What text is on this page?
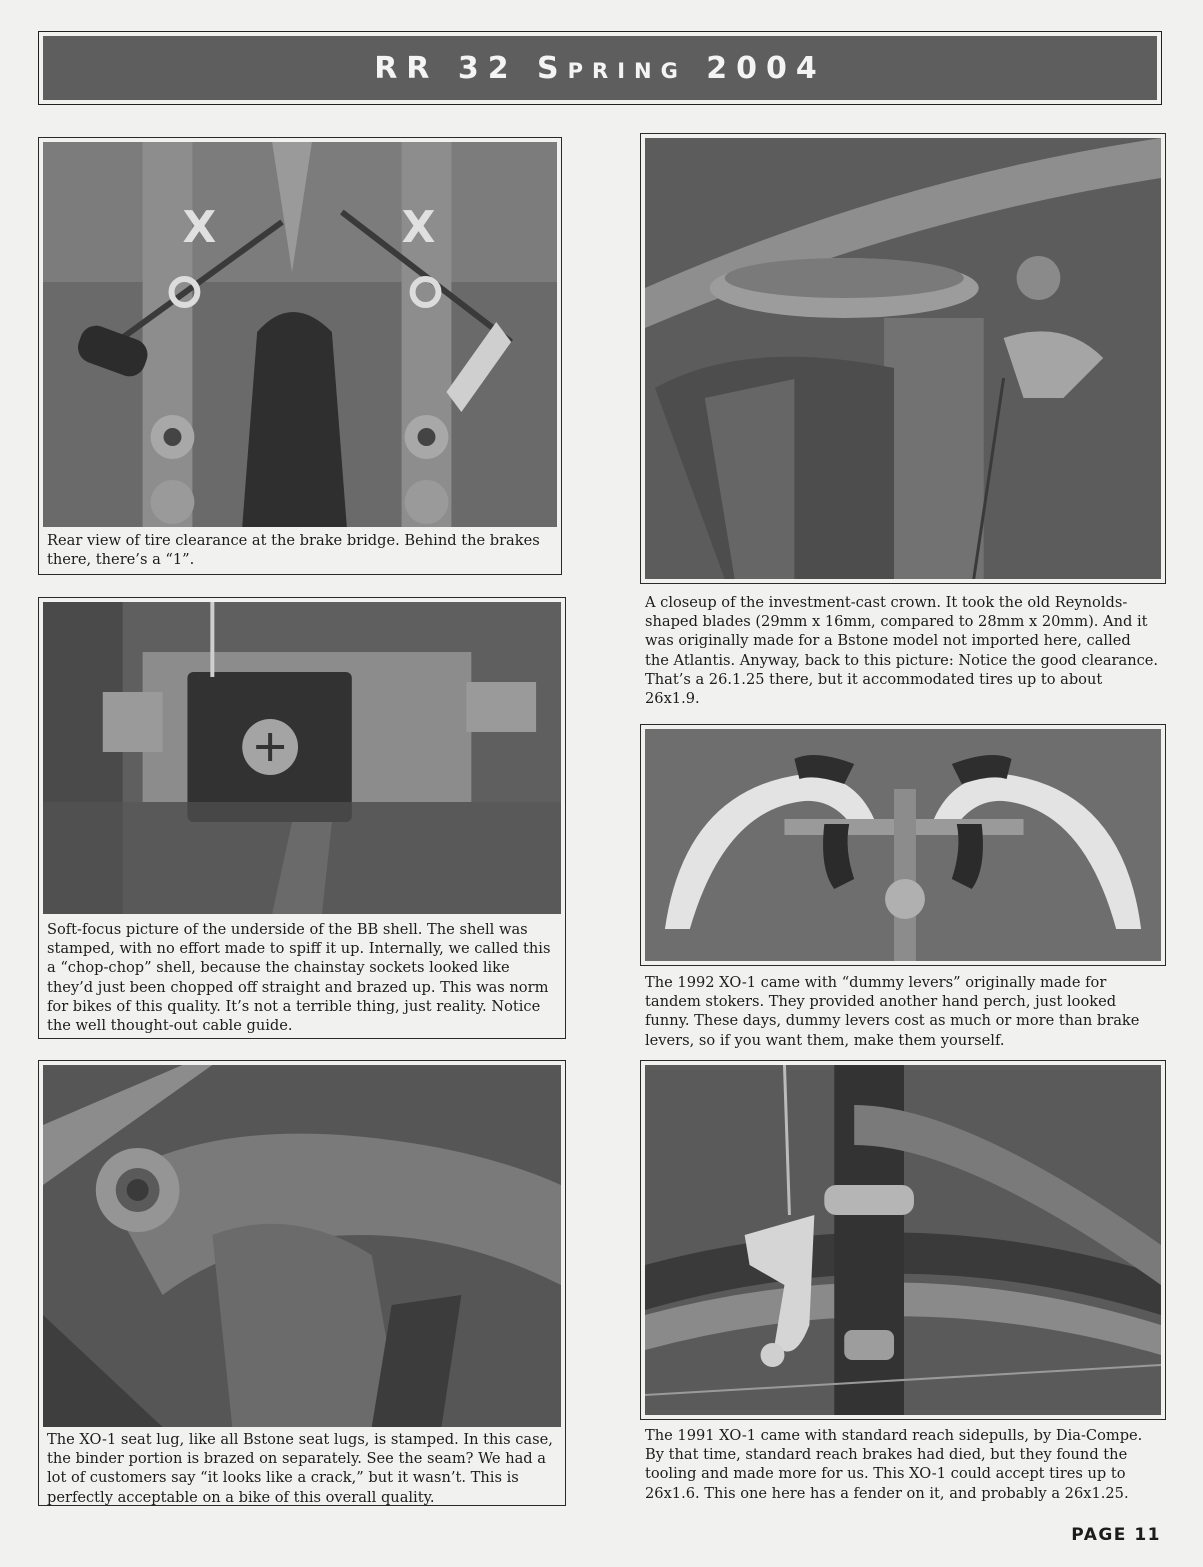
RR 32 Spring 2004
X	X

Rear view of tire clearance at the brake bridge. Behind the brakes there, there’s a “1”.

Soft-focus picture of the underside of the BB shell. The shell was stamped, with no effort made to spiff it up. Internally, we called this a “chop-chop” shell, because the chainstay sockets looked like they’d just been chopped off straight and brazed up. This was norm for bikes of this quality. It’s not a terrible thing, just reality. Notice the well thought-out cable guide.

The XO-1 seat lug, like all Bstone seat lugs, is stamped. In this case, the binder portion is brazed on separately. See the seam? We had a lot of customers say “it looks like a crack,” but it wasn’t. This is perfectly acceptable on a bike of this overall quality.

A closeup of the investment-cast crown. It took the old Reynolds-shaped blades (29mm x 16mm, compared to 28mm x 20mm). And it was originally made for a Bstone model not imported here, called the Atlantis. Anyway, back to this picture: Notice the good clearance. That’s a 26.1.25 there, but it accommodated tires up to about 26x1.9.

The 1992 XO-1 came with “dummy levers” originally made for tandem stokers. They provided another hand perch, just looked funny. These days, dummy levers cost as much or more than brake levers, so if you want them, make them yourself.

The 1991 XO-1 came with standard reach sidepulls, by Dia-Compe. By that time, standard reach brakes had died, but they found the tooling and made more for us. This XO-1 could accept tires up to 26x1.6. This one here has a fender on it, and probably a 26x1.25.

PAGE 11
